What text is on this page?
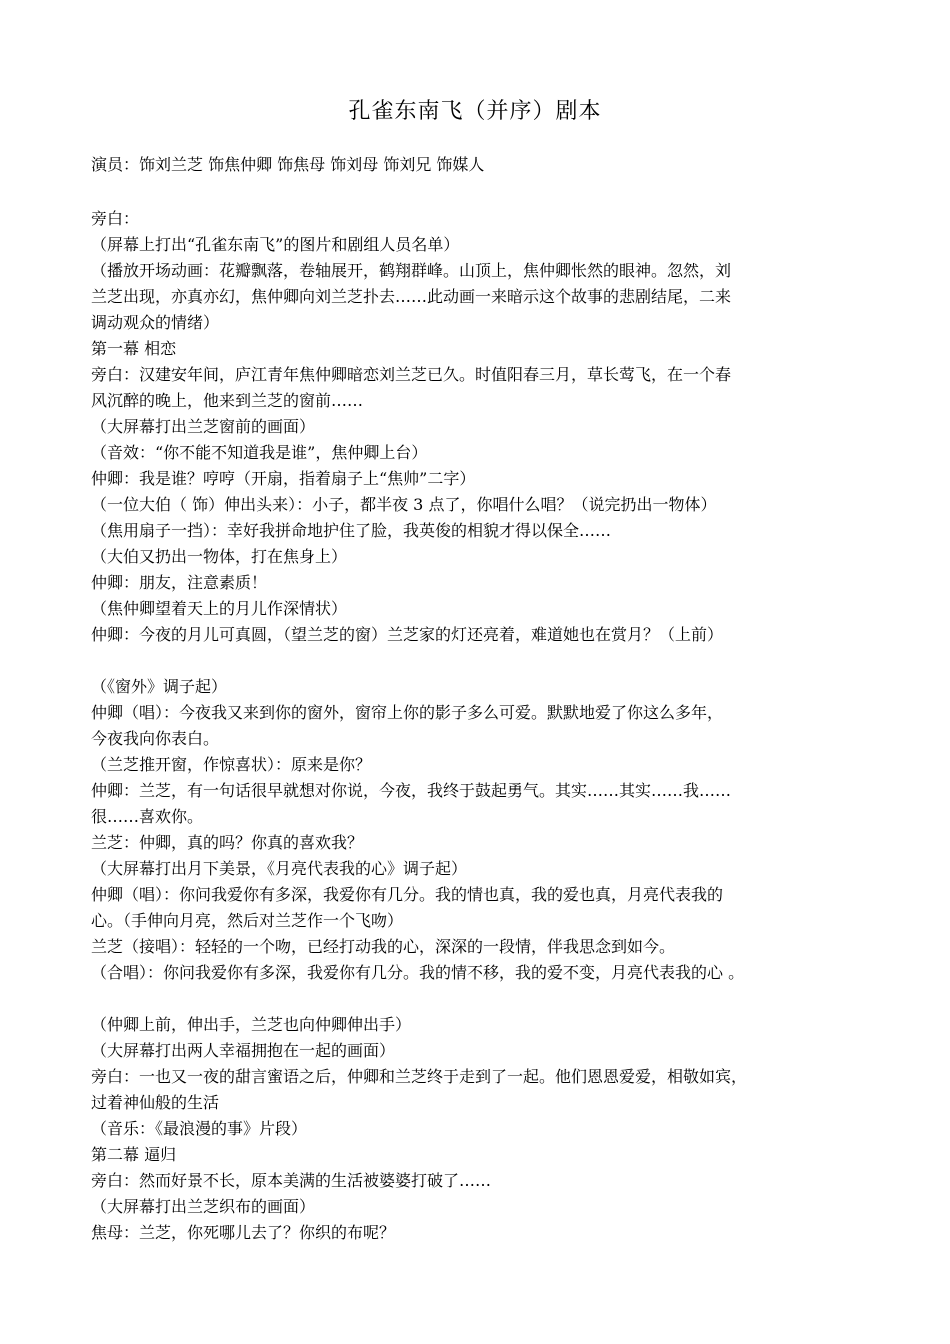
孔雀东南飞（并序）剧本
演员：饰刘兰芝 饰焦仲卿 饰焦母 饰刘母 饰刘兄 饰媒人
旁白：
（屏幕上打出“孔雀东南飞”的图片和剧组人员名单）
（播放开场动画：花瓣飘落，卷轴展开，鹤翔群峰。山顶上，焦仲卿怅然的眼神。忽然，刘
兰芝出现，亦真亦幻，焦仲卿向刘兰芝扑去……此动画一来暗示这个故事的悲剧结尾，二来
调动观众的情绪）
第一幕 相恋
旁白：汉建安年间，庐江青年焦仲卿暗恋刘兰芝已久。时值阳春三月，草长莺飞，在一个春
风沉醉的晚上，他来到兰芝的窗前……
（大屏幕打出兰芝窗前的画面）
（音效：“你不能不知道我是谁”，焦仲卿上台）
仲卿：我是谁？哼哼（开扇，指着扇子上“焦帅”二字）
（一位大伯（ 饰）伸出头来）：小子，都半夜 3 点了，你唱什么唱？（说完扔出一物体）
（焦用扇子一挡）：幸好我拼命地护住了脸，我英俊的相貌才得以保全……
（大伯又扔出一物体，打在焦身上）
仲卿：朋友，注意素质！
（焦仲卿望着天上的月儿作深情状）
仲卿：今夜的月儿可真圆，（望兰芝的窗）兰芝家的灯还亮着，难道她也在赏月？（上前）
（《窗外》调子起）
仲卿（唱）：今夜我又来到你的窗外，窗帘上你的影子多么可爱。默默地爱了你这么多年，
今夜我向你表白。
（兰芝推开窗，作惊喜状）：原来是你？
仲卿：兰芝，有一句话很早就想对你说，今夜，我终于鼓起勇气。其实……其实……我……
很……喜欢你。
兰芝：仲卿，真的吗？你真的喜欢我？
（大屏幕打出月下美景，《月亮代表我的心》调子起）
仲卿（唱）：你问我爱你有多深，我爱你有几分。我的情也真，我的爱也真，月亮代表我的
心。（手伸向月亮，然后对兰芝作一个飞吻）
兰芝（接唱）：轻轻的一个吻，已经打动我的心，深深的一段情，伴我思念到如今。
（合唱）：你问我爱你有多深，我爱你有几分。我的情不移，我的爱不变，月亮代表我的心 。
（仲卿上前，伸出手，兰芝也向仲卿伸出手）
（大屏幕打出两人幸福拥抱在一起的画面）
旁白：一也又一夜的甜言蜜语之后，仲卿和兰芝终于走到了一起。他们恩恩爱爱，相敬如宾，
过着神仙般的生活
（音乐：《最浪漫的事》片段）
第二幕 逼归
旁白：然而好景不长，原本美满的生活被婆婆打破了……
（大屏幕打出兰芝织布的画面）
焦母：兰芝，你死哪儿去了？你织的布呢？
